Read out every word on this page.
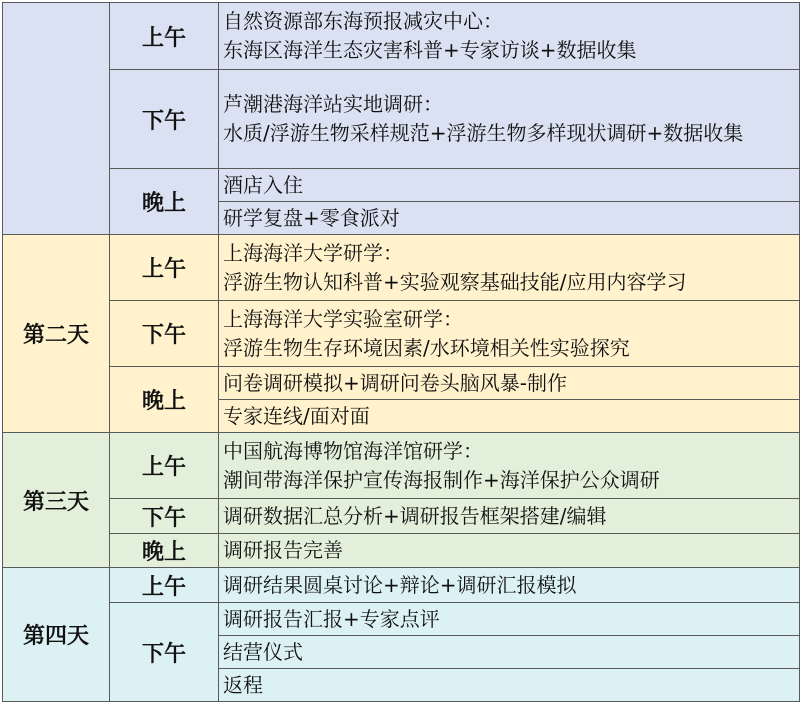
	上午	自然资源部东海预报减灾中心：
东海区海洋生态灾害科普+专家访谈+数据收集

	下午	芦潮港海洋站实地调研：
水质/浮游生物采样规范+浮游生物多样现状调研+数据收集

	晚上	酒店入住
		研学复盘+零食派对
第二天	上午	上海海洋大学研学：
浮游生物认知科普+实验观察基础技能/应用内容学习

	下午	上海海洋大学实验室研学：
浮游生物生存环境因素/水环境相关性实验探究

	晚上	问卷调研模拟+调研问卷头脑风暴-制作
		专家连线/面对面
第三天	上午	中国航海博物馆海洋馆研学：
潮间带海洋保护宣传海报制作+海洋保护公众调研

	下午	调研数据汇总分析+调研报告框架搭建/编辑
	晚上	调研报告完善
第四天	上午	调研结果圆桌讨论+辩论+调研汇报模拟
	下午	调研报告汇报+专家点评
		结营仪式
		返程
